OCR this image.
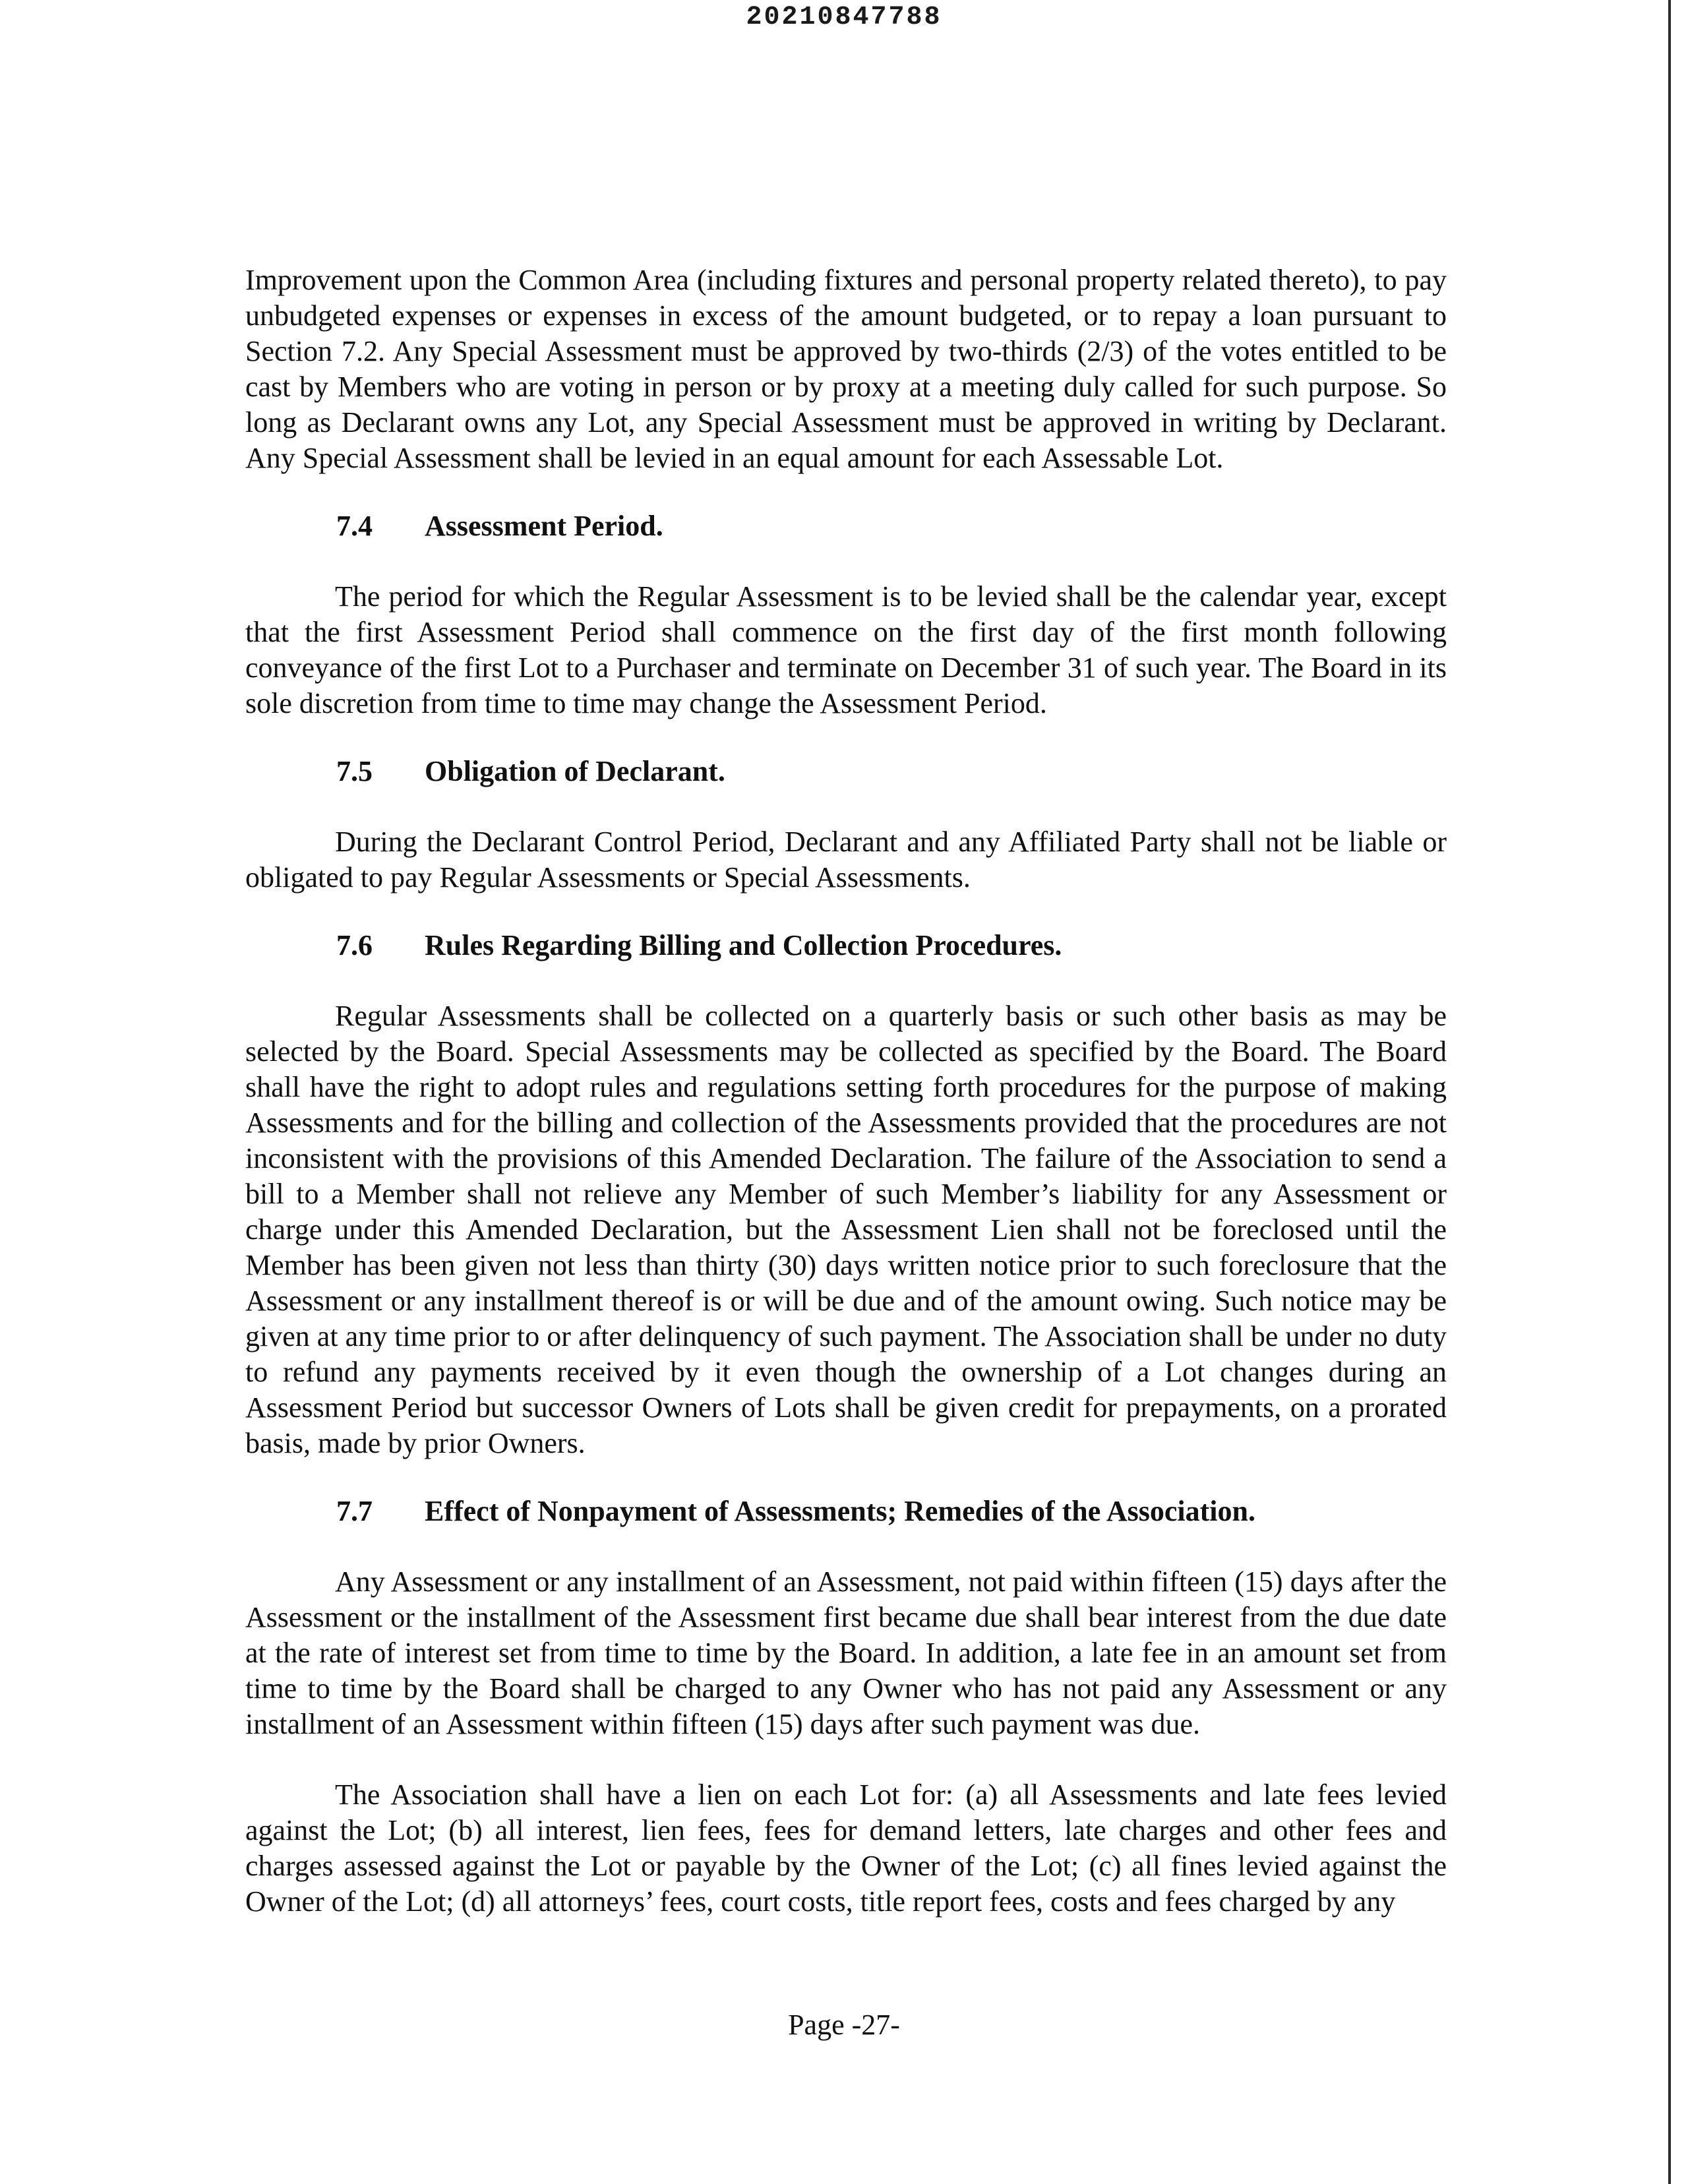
20210847788

Improvement upon the Common Area (including fixtures and personal property related thereto), to pay unbudgeted expenses or expenses in excess of the amount budgeted, or to repay a loan pursuant to Section 7.2. Any Special Assessment must be approved by two-thirds (2/3) of the votes entitled to be cast by Members who are voting in person or by proxy at a meeting duly called for such purpose. So long as Declarant owns any Lot, any Special Assessment must be approved in writing by Declarant. Any Special Assessment shall be levied in an equal amount for each Assessable Lot.

7.4 Assessment Period.

The period for which the Regular Assessment is to be levied shall be the calendar year, except that the first Assessment Period shall commence on the first day of the first month following conveyance of the first Lot to a Purchaser and terminate on December 31 of such year. The Board in its sole discretion from time to time may change the Assessment Period.

7.5 Obligation of Declarant.

During the Declarant Control Period, Declarant and any Affiliated Party shall not be liable or obligated to pay Regular Assessments or Special Assessments.

7.6 Rules Regarding Billing and Collection Procedures.

Regular Assessments shall be collected on a quarterly basis or such other basis as may be selected by the Board. Special Assessments may be collected as specified by the Board. The Board shall have the right to adopt rules and regulations setting forth procedures for the purpose of making Assessments and for the billing and collection of the Assessments provided that the procedures are not inconsistent with the provisions of this Amended Declaration. The failure of the Association to send a bill to a Member shall not relieve any Member of such Member’s liability for any Assessment or charge under this Amended Declaration, but the Assessment Lien shall not be foreclosed until the Member has been given not less than thirty (30) days written notice prior to such foreclosure that the Assessment or any installment thereof is or will be due and of the amount owing. Such notice may be given at any time prior to or after delinquency of such payment. The Association shall be under no duty to refund any payments received by it even though the ownership of a Lot changes during an Assessment Period but successor Owners of Lots shall be given credit for prepayments, on a prorated basis, made by prior Owners.

7.7 Effect of Nonpayment of Assessments; Remedies of the Association.

Any Assessment or any installment of an Assessment, not paid within fifteen (15) days after the Assessment or the installment of the Assessment first became due shall bear interest from the due date at the rate of interest set from time to time by the Board. In addition, a late fee in an amount set from time to time by the Board shall be charged to any Owner who has not paid any Assessment or any installment of an Assessment within fifteen (15) days after such payment was due.

The Association shall have a lien on each Lot for: (a) all Assessments and late fees levied against the Lot; (b) all interest, lien fees, fees for demand letters, late charges and other fees and charges assessed against the Lot or payable by the Owner of the Lot; (c) all fines levied against the Owner of the Lot; (d) all attorneys’ fees, court costs, title report fees, costs and fees charged by any

Page -27-
